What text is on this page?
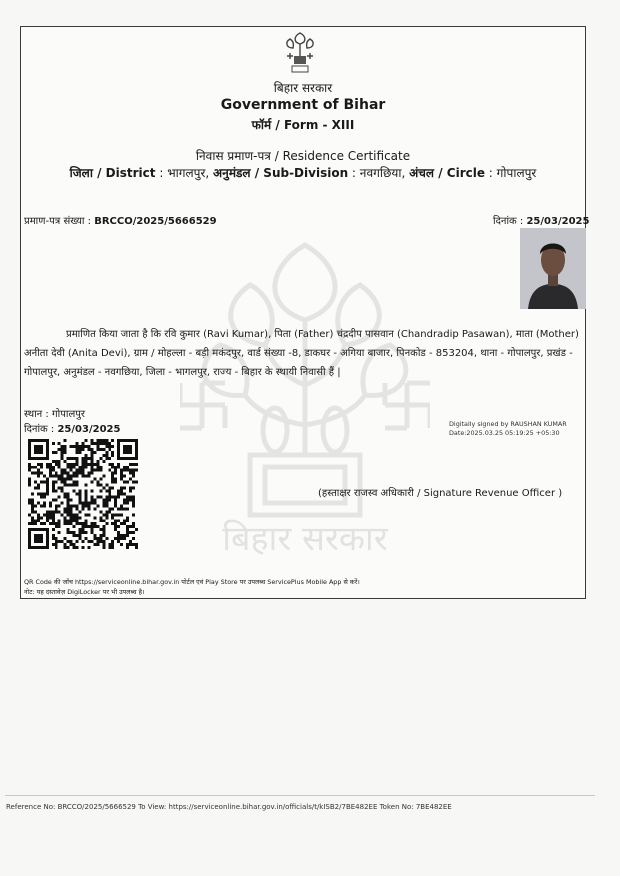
बिहार सरकार
बिहार सरकार
Government of Bihar
फॉर्म / Form - XIII
निवास प्रमाण-पत्र / Residence Certificate
जिला / District : भागलपुर, अनुमंडल / Sub-Division : नवगछिया, अंचल / Circle : गोपालपुर
प्रमाण-पत्र संख्या : BRCCO/2025/5666529	दिनांक : 25/03/2025
प्रमाणित किया जाता है कि रवि कुमार (Ravi Kumar), पिता (Father) चंद्रदीप पासवान (Chandradip Pasawan), माता (Mother) अनीता देवी (Anita Devi), ग्राम / मोहल्ला - बड़ी मकंदपुर, वार्ड संख्या -8, डाकघर - अगिया बाजार, पिनकोड - 853204, थाना - गोपालपुर, प्रखंड - गोपालपुर, अनुमंडल - नवगछिया, जिला - भागलपुर, राज्य - बिहार के स्थायी निवासी हैं |
स्थान : गोपालपुर
दिनांक : 25/03/2025	Digitally signed by RAUSHAN KUMAR
Date:2025.03.25 05:19:25 +05:30
(हस्ताक्षर राजस्व अधिकारी / Signature Revenue Officer )
QR Code की जाँच https://serviceonline.bihar.gov.in पोर्टल एवं Play Store पर उपलब्ध ServicePlus Mobile App से करें।
नोट: यह दस्तावेज़ DigiLocker पर भी उपलब्ध है।
Reference No: BRCCO/2025/5666529 To View: https://serviceonline.bihar.gov.in/officials/t/kISB2/7BE482EE Token No: 7BE482EE
